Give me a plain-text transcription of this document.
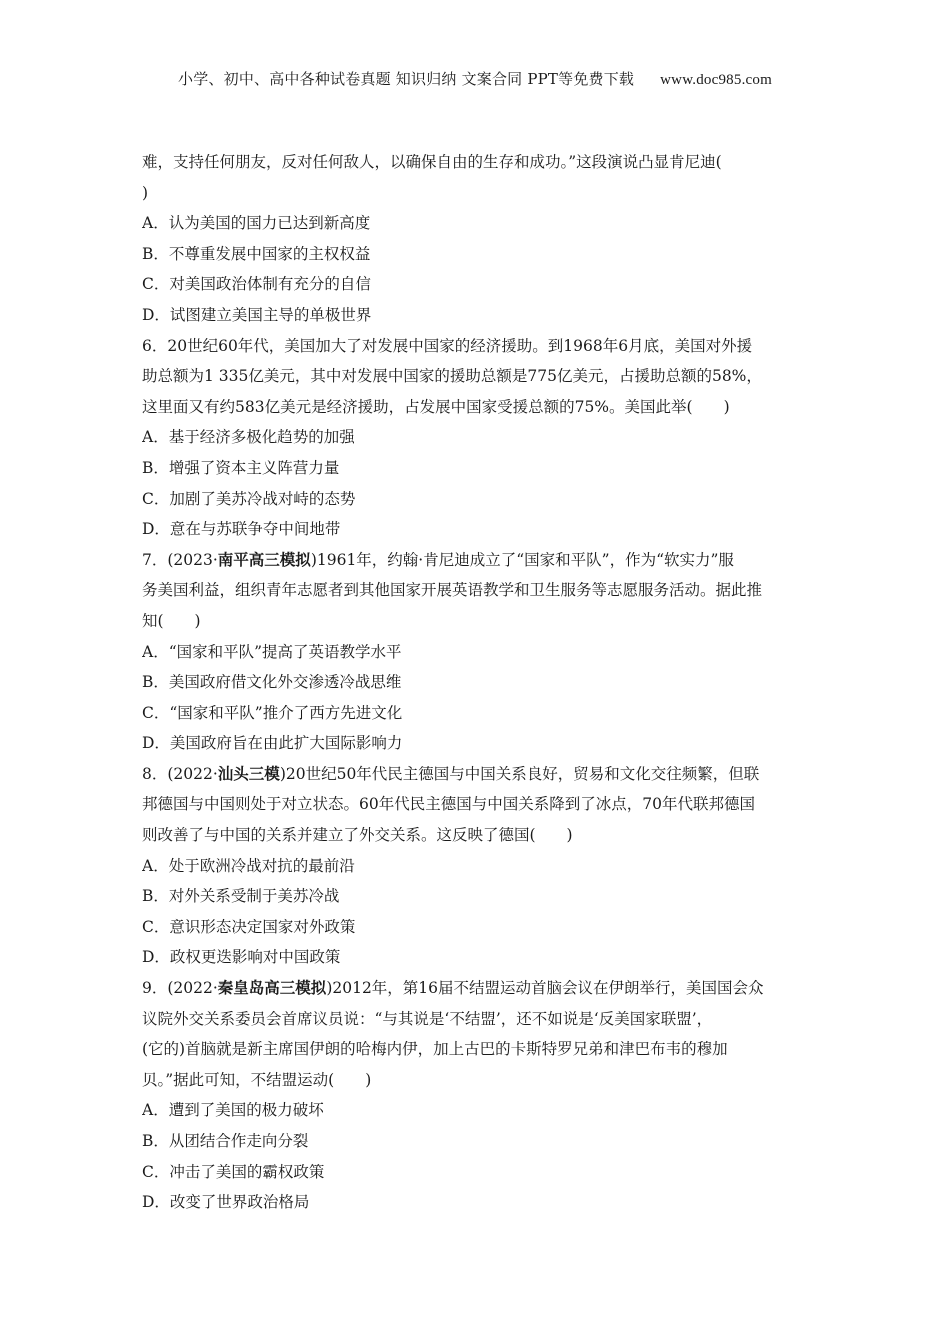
小学、初中、高中各种试卷真题 知识归纳 文案合同 PPT等免费下载 www.doc985.com
难，支持任何朋友，反对任何敌人，以确保自由的生存和成功。”这段演说凸显肯尼迪(
)
A．认为美国的国力已达到新高度
B．不尊重发展中国家的主权权益
C．对美国政治体制有充分的自信
D．试图建立美国主导的单极世界
6．20世纪60年代，美国加大了对发展中国家的经济援助。到1968年6月底，美国对外援
助总额为1 335亿美元，其中对发展中国家的援助总额是775亿美元，占援助总额的58%，
这里面又有约583亿美元是经济援助，占发展中国家受援总额的75%。美国此举(　　)
A．基于经济多极化趋势的加强
B．增强了资本主义阵营力量
C．加剧了美苏冷战对峙的态势
D．意在与苏联争夺中间地带
7．(2023·南平高三模拟)1961年，约翰·肯尼迪成立了“国家和平队”，作为“软实力”服
务美国利益，组织青年志愿者到其他国家开展英语教学和卫生服务等志愿服务活动。据此推
知(　　)
A．“国家和平队”提高了英语教学水平
B．美国政府借文化外交渗透冷战思维
C．“国家和平队”推介了西方先进文化
D．美国政府旨在由此扩大国际影响力
8．(2022·汕头三模)20世纪50年代民主德国与中国关系良好，贸易和文化交往频繁，但联
邦德国与中国则处于对立状态。60年代民主德国与中国关系降到了冰点，70年代联邦德国
则改善了与中国的关系并建立了外交关系。这反映了德国(　　)
A．处于欧洲冷战对抗的最前沿
B．对外关系受制于美苏冷战
C．意识形态决定国家对外政策
D．政权更迭影响对中国政策
9．(2022·秦皇岛高三模拟)2012年，第16届不结盟运动首脑会议在伊朗举行，美国国会众
议院外交关系委员会首席议员说：“与其说是‘不结盟’，还不如说是‘反美国家联盟’，
(它的)首脑就是新主席国伊朗的哈梅内伊，加上古巴的卡斯特罗兄弟和津巴布韦的穆加
贝。”据此可知，不结盟运动(　　)
A．遭到了美国的极力破坏
B．从团结合作走向分裂
C．冲击了美国的霸权政策
D．改变了世界政治格局
